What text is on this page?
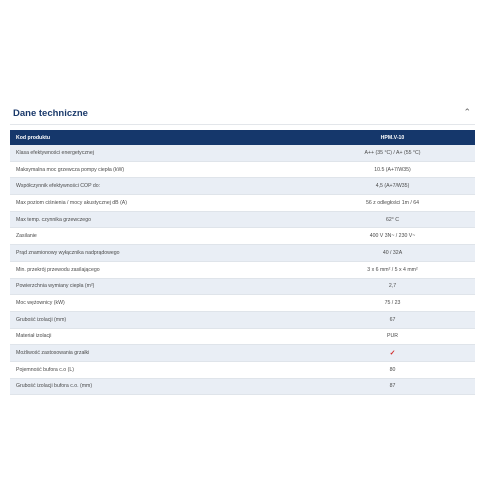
Dane techniczne	⌃
Kod produktu	HPM.V-10
Klasa efektywności energetycznej	A++ (35 °C) / A+ (55 °C)
Maksymalna moc grzewcza pompy ciepła (kW)	10.5 (A+7/W35)
Współczynnik efektywności COP do:	4,5 (A+7/W35)
Max poziom ciśnienia / mocy akustycznej dB (A)	56 z odległości 1m / 64
Max temp. czynnika grzewczego	62° C
Zasilanie	400 V 3N~ / 230 V~
Prąd znamionowy wyłącznika nadprądowego	40 / 32A
Min. przekrój przewodu zasilającego	3 x 6 mm² / 5 x 4 mm²
Powierzchnia wymiany ciepła (m²)	2,7
Moc wężownicy (kW)	75 / 23
Grubość izolacji (mm)	67
Materiał izolacji	PUR
Możliwość zastosowania grzałki	✓
Pojemność bufora c.o (L)	80
Grubość izolacji bufora c.o. (mm)	87
